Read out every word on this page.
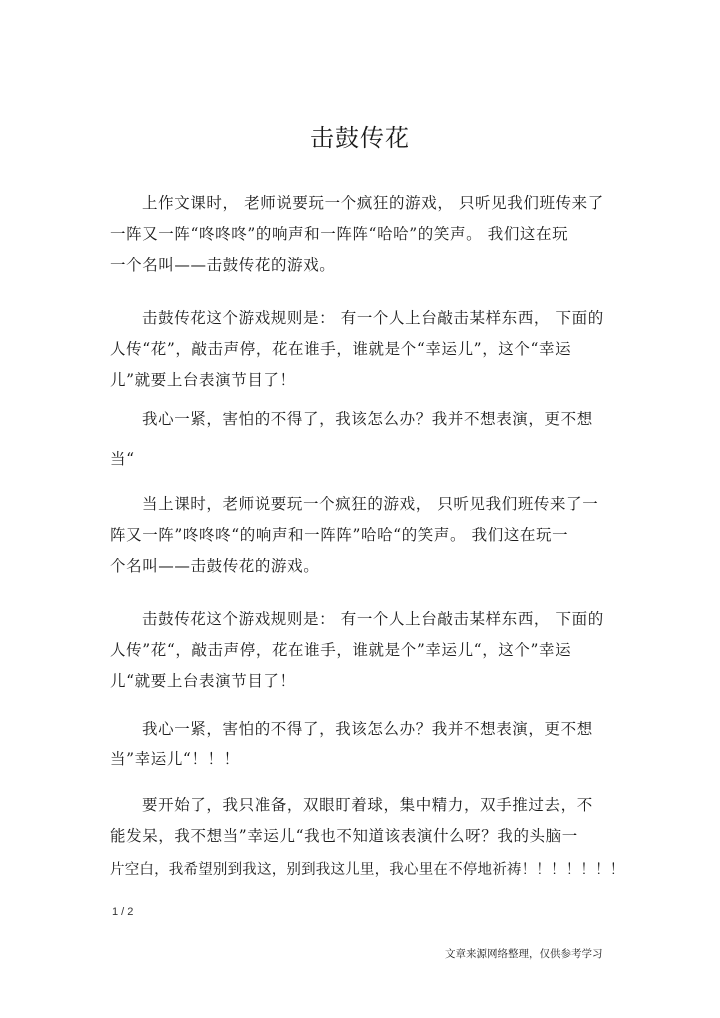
击鼓传花
上作文课时， 老师说要玩一个疯狂的游戏， 只听见我们班传来了
一阵又一阵“咚咚咚”的响声和一阵阵“哈哈”的笑声。 我们这在玩
一个名叫——击鼓传花的游戏。
击鼓传花这个游戏规则是： 有一个人上台敲击某样东西， 下面的
人传“花”，敲击声停，花在谁手，谁就是个“幸运儿”，这个“幸运
儿”就要上台表演节目了！
我心一紧，害怕的不得了，我该怎么办？我并不想表演，更不想
当“
当上课时，老师说要玩一个疯狂的游戏， 只听见我们班传来了一
阵又一阵”咚咚咚“的响声和一阵阵”哈哈“的笑声。 我们这在玩一
个名叫——击鼓传花的游戏。
击鼓传花这个游戏规则是： 有一个人上台敲击某样东西， 下面的
人传”花“，敲击声停，花在谁手，谁就是个”幸运儿“，这个”幸运
儿“就要上台表演节目了！
我心一紧，害怕的不得了，我该怎么办？我并不想表演，更不想
当”幸运儿“！！！
要开始了，我只准备，双眼盯着球，集中精力，双手推过去，不
能发呆，我不想当”幸运儿“我也不知道该表演什么呀？我的头脑一
片空白，我希望别到我这，别到我这儿里，我心里在不停地祈祷！！！！！！！
1 / 2
文章来源网络整理，仅供参考学习
